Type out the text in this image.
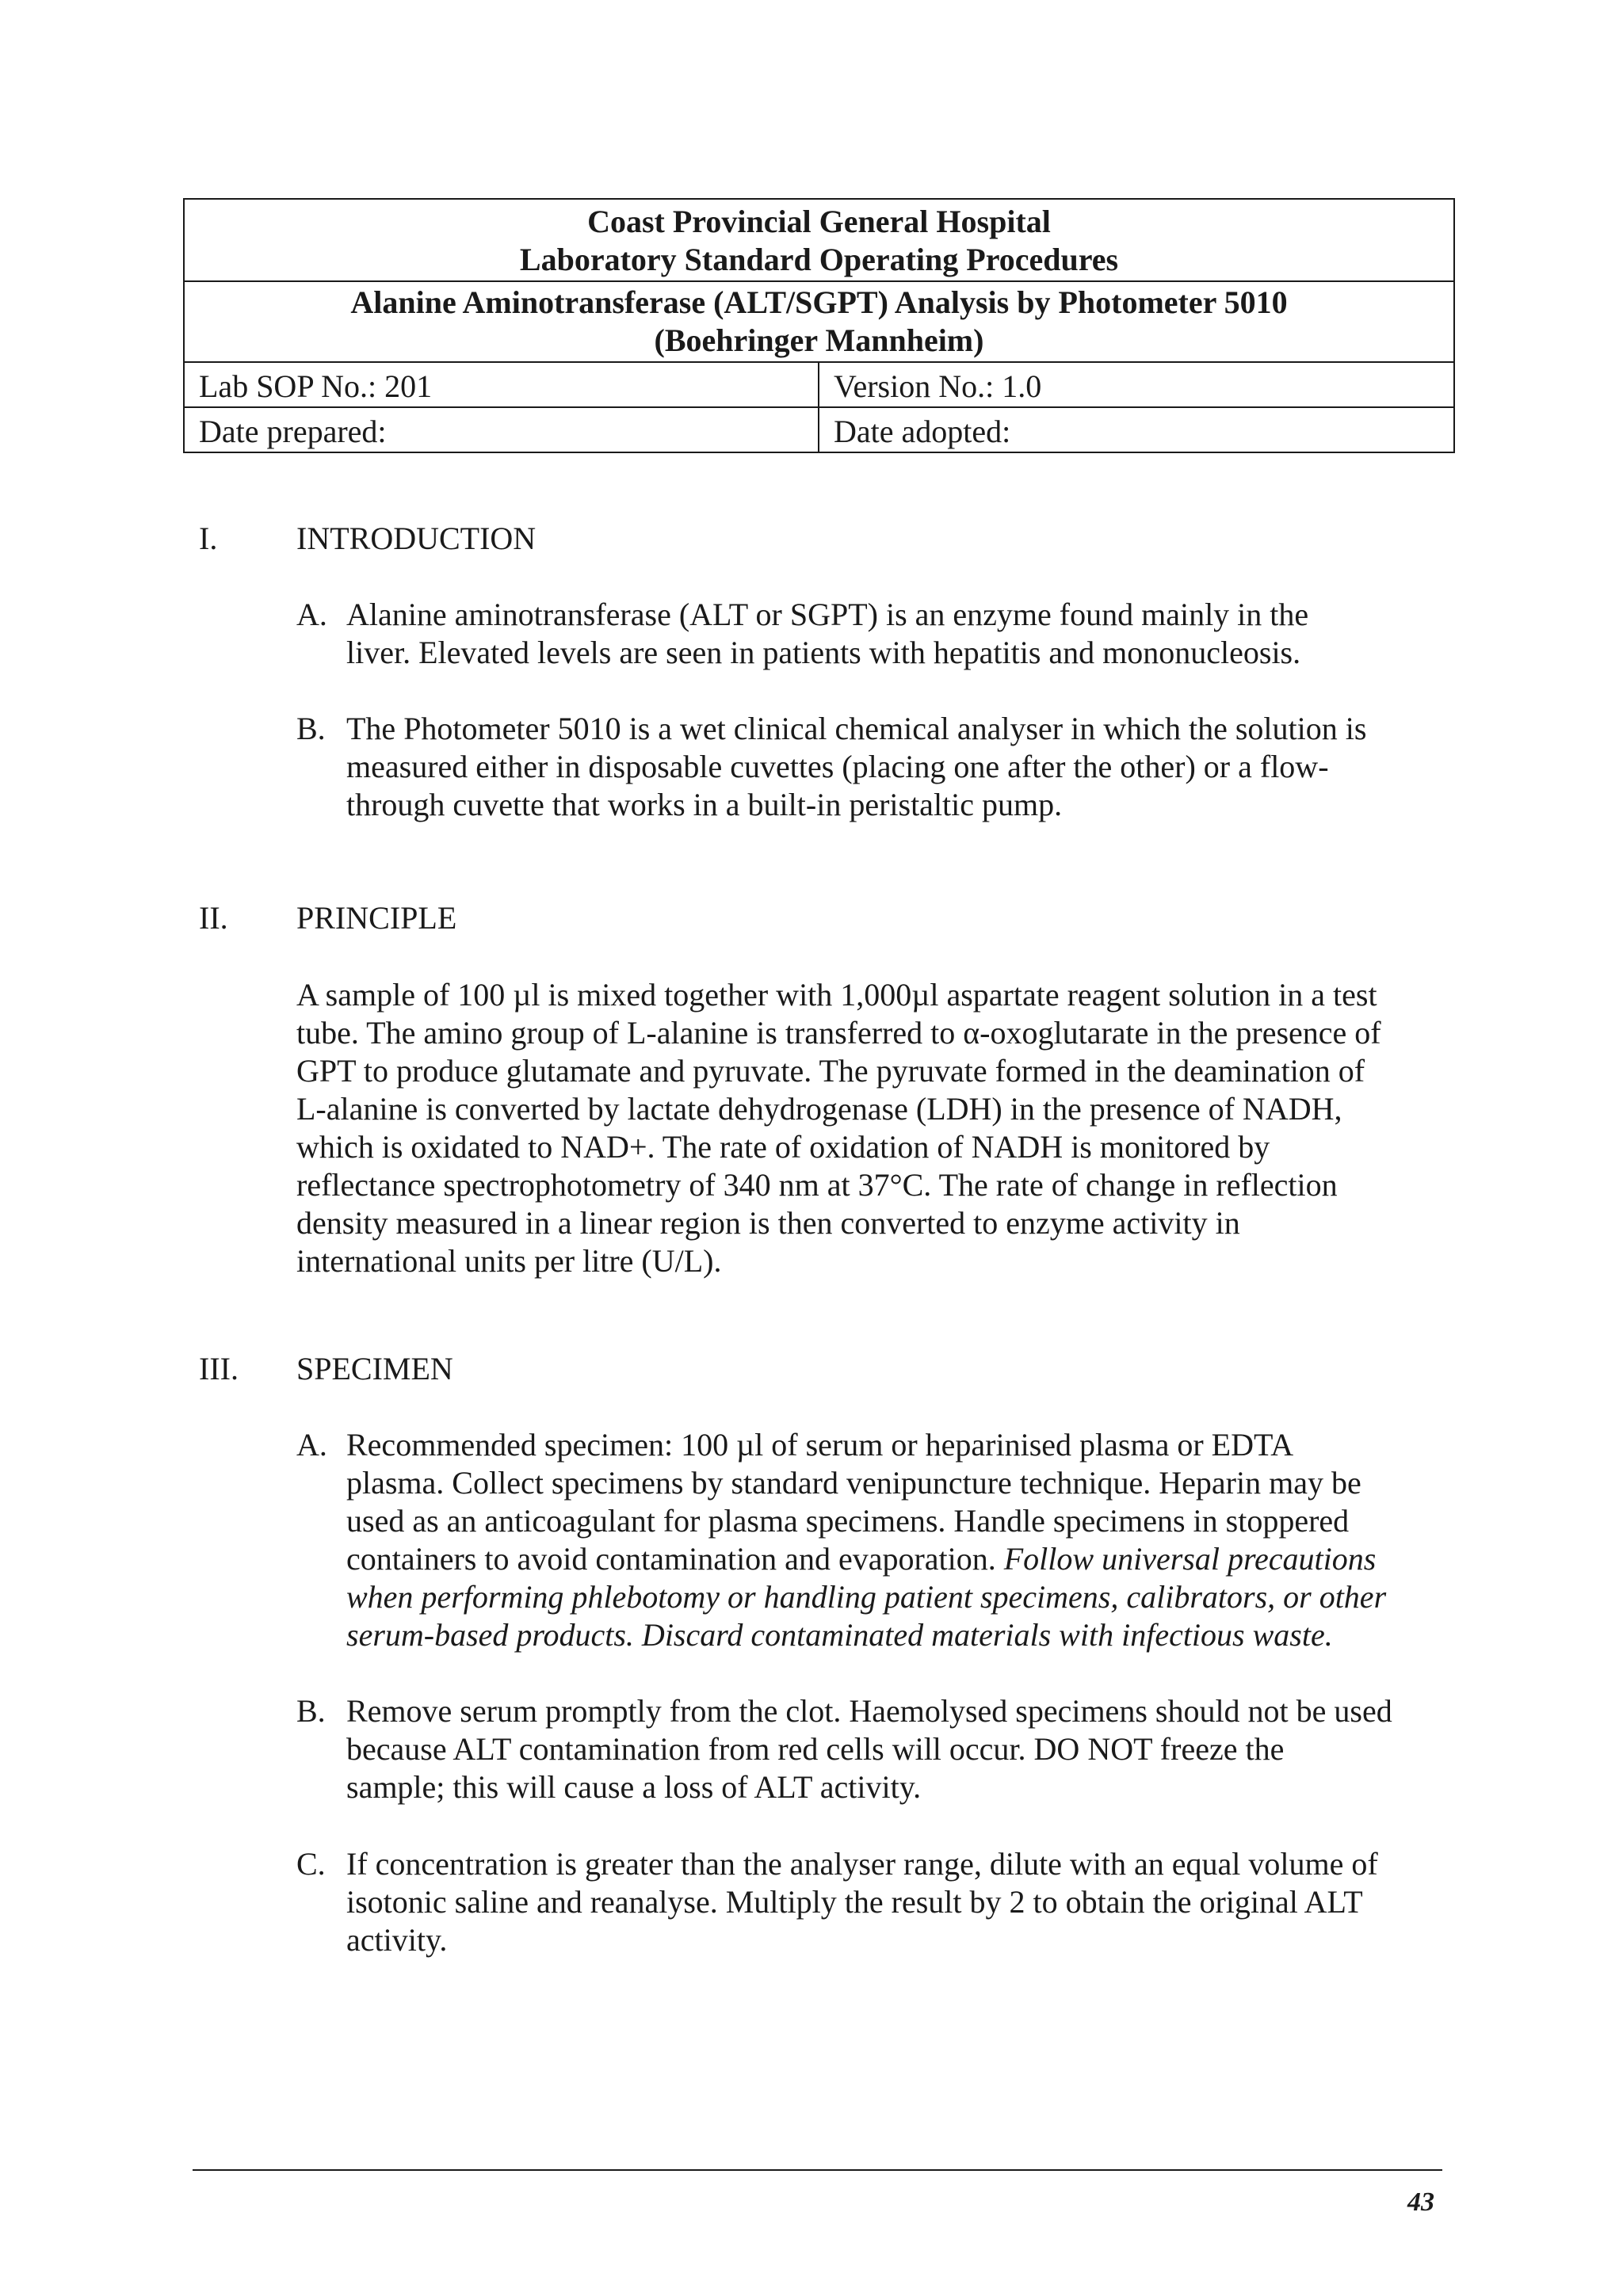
Coast Provincial General Hospital
Laboratory Standard Operating Procedures	

Alanine Aminotransferase (ALT/SGPT) Analysis by Photometer 5010
(Boehringer Mannheim)	

Lab SOP No.: 201	Version No.: 1.0
Date prepared:	Date adopted:
I. INTRODUCTION
A. Alanine aminotransferase (ALT or SGPT) is an enzyme found mainly in the
liver. Elevated levels are seen in patients with hepatitis and mononucleosis.
B. The Photometer 5010 is a wet clinical chemical analyser in which the solution is
measured either in disposable cuvettes (placing one after the other) or a flow-
through cuvette that works in a built-in peristaltic pump.
II. PRINCIPLE
A sample of 100 µl is mixed together with 1,000µl aspartate reagent solution in a test
tube. The amino group of L-alanine is transferred to α-oxoglutarate in the presence of
GPT to produce glutamate and pyruvate. The pyruvate formed in the deamination of
L-alanine is converted by lactate dehydrogenase (LDH) in the presence of NADH,
which is oxidated to NAD+. The rate of oxidation of NADH is monitored by
reflectance spectrophotometry of 340 nm at 37°C. The rate of change in reflection
density measured in a linear region is then converted to enzyme activity in
international units per litre (U/L).
III. SPECIMEN
A. Recommended specimen: 100 µl of serum or heparinised plasma or EDTA
plasma. Collect specimens by standard venipuncture technique. Heparin may be
used as an anticoagulant for plasma specimens. Handle specimens in stoppered
containers to avoid contamination and evaporation. Follow universal precautions
when performing phlebotomy or handling patient specimens, calibrators, or other
serum-based products. Discard contaminated materials with infectious waste.
B. Remove serum promptly from the clot. Haemolysed specimens should not be used
because ALT contamination from red cells will occur. DO NOT freeze the
sample; this will cause a loss of ALT activity.
C. If concentration is greater than the analyser range, dilute with an equal volume of
isotonic saline and reanalyse. Multiply the result by 2 to obtain the original ALT
activity.
43
